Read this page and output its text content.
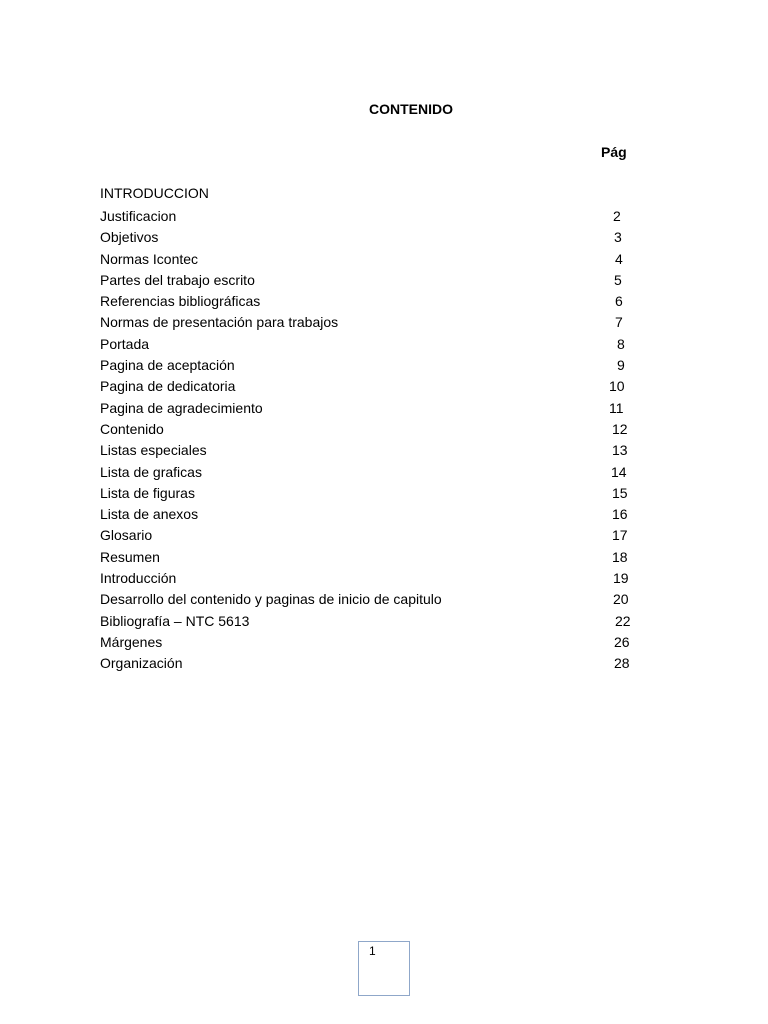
CONTENIDO
Pág
INTRODUCCION
Justificacion	2
Objetivos	3
Normas Icontec	4
Partes del trabajo escrito	5
Referencias bibliográficas	6
Normas de presentación para trabajos	7
Portada	8
Pagina de aceptación	9
Pagina de dedicatoria	10
Pagina de agradecimiento	11
Contenido	12
Listas especiales	13
Lista de graficas	14
Lista de figuras	15
Lista de anexos	16
Glosario	17
Resumen	18
Introducción	19
Desarrollo del contenido y paginas de inicio de capitulo	20
Bibliografía – NTC 5613	22
Márgenes	26
Organización	28
1
